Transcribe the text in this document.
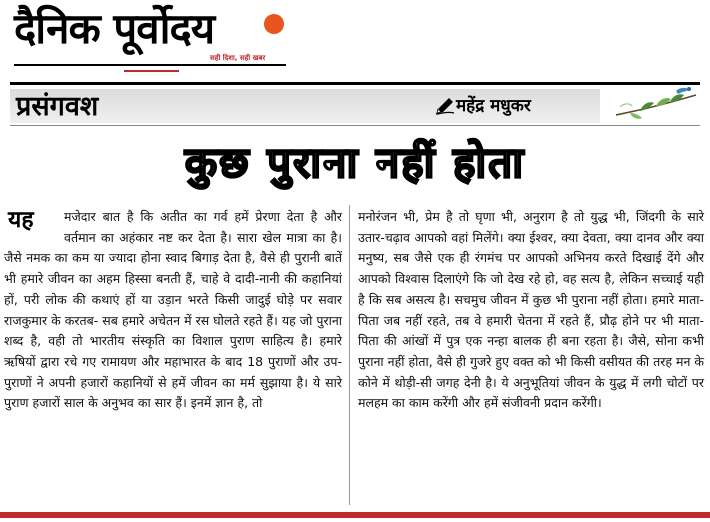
दैनिक पूर्वोदय
सही दिशा, सही खबर
प्रसंगवश	महेंद्र मधुकर
कुछ पुराना नहीं होता
यह	मजेदार बात है कि अतीत का गर्व हमें प्रेरणा देता है और वर्तमान का अहंकार नष्ट कर देता है। सारा खेल मात्रा का है। जैसे नमक का कम या ज्यादा होना स्वाद बिगाड़ देता है, वैसे ही पुरानी बातें भी हमारे जीवन का अहम हिस्सा बनती हैं, चाहे वे दादी-नानी की कहानियां हों, परी लोक की कथाएं हों या उड़ान भरते किसी जादुई घोड़े पर सवार राजकुमार के करतब- सब हमारे अचेतन में रस घोलते रहते हैं। यह जो पुराना शब्द है, वही तो भारतीय संस्कृति का विशाल पुराण साहित्य है। हमारे ऋषियों द्वारा रचे गए रामायण और महाभारत के बाद 18 पुराणों और उप-पुराणों ने अपनी हजारों कहानियों से हमें जीवन का मर्म सुझाया है। ये सारे पुराण हजारों साल के अनुभव का सार हैं। इनमें ज्ञान है, तो
मनोरंजन भी, प्रेम है तो घृणा भी, अनुराग है तो युद्ध भी, जिंदगी के सारे उतार-चढ़ाव आपको वहां मिलेंगे। क्या ईश्वर, क्या देवता, क्या दानव और क्या मनुष्य, सब जैसे एक ही रंगमंच पर आपको अभिनय करते दिखाई देंगे और आपको विश्वास दिलाएंगे कि जो देख रहे हो, वह सत्य है, लेकिन सच्चाई यही है कि सब असत्य है। सचमुच जीवन में कुछ भी पुराना नहीं होता। हमारे माता-पिता जब नहीं रहते, तब वे हमारी चेतना में रहते हैं, प्रौढ़ होने पर भी माता-पिता की आंखों में पुत्र एक नन्हा बालक ही बना रहता है। जैसे, सोना कभी पुराना नहीं होता, वैसे ही गुजरे हुए वक्त को भी किसी वसीयत की तरह मन के कोने में थोड़ी-सी जगह देनी है। ये अनुभूतियां जीवन के युद्ध में लगी चोटों पर मलहम का काम करेंगी और हमें संजीवनी प्रदान करेंगी।
